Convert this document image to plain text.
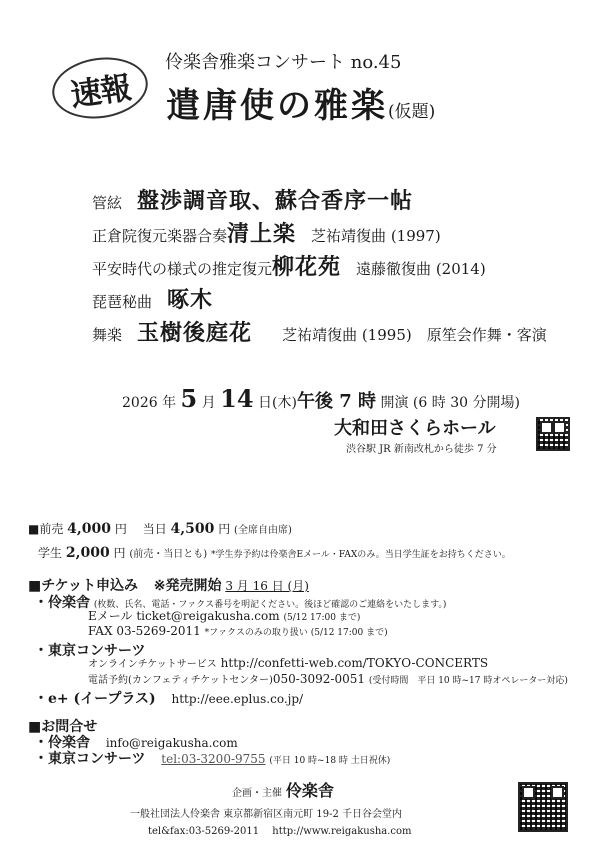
速報
伶楽舎雅楽コンサート no.45
遣唐使の雅楽(仮題)
管絃　 盤渉調音取、蘇合香序一帖
正倉院復元楽器合奏清上楽　 芝祐靖復曲 (1997)
平安時代の様式の推定復元柳花苑　 遠藤徹復曲 (2014)
琵琶秘曲　 啄木
舞楽　 玉樹後庭花　　 芝祐靖復曲 (1995)　原笙会作舞・客演
2026 年 5 月 14 日(木)午後 7 時 開演 (6 時 30 分開場)
大和田さくらホール
渋谷駅 JR 新南改札から徒歩 7 分
■前売 4,000 円　 当日 4,500 円 (全席自由席)
学生 2,000 円 (前売・当日とも) *学生券予約は伶楽舎Eメール・FAXのみ。当日学生証をお持ちください。
■チケット申込み　 ※発売開始 3 月 16 日 (月)
・伶楽舎 (枚数、氏名、電話・ファクス番号を明記ください。後ほど確認のご連絡をいたします。)
Eメール ticket@reigakusha.com (5/12 17:00 まで)
FAX 03-5269-2011 *ファクスのみの取り扱い (5/12 17:00 まで)
・東京コンサーツ
オンラインチケットサービス http://confetti-web.com/TOKYO-CONCERTS
電話予約(カンフェティチケットセンター)050-3092-0051 (受付時間　平日 10 時~17 時オペレーター対応)
・e+ (イープラス)　 http://eee.eplus.co.jp/
■お問合せ
・伶楽舎　 info@reigakusha.com
・東京コンサーツ　 tel:03-3200-9755 (平日 10 時~18 時 土日祝休)
企画・主催 伶楽舎
一般社団法人伶楽舎 東京都新宿区南元町 19-2 千日谷会堂内
tel&fax:03-5269-2011　 http://www.reigakusha.com
